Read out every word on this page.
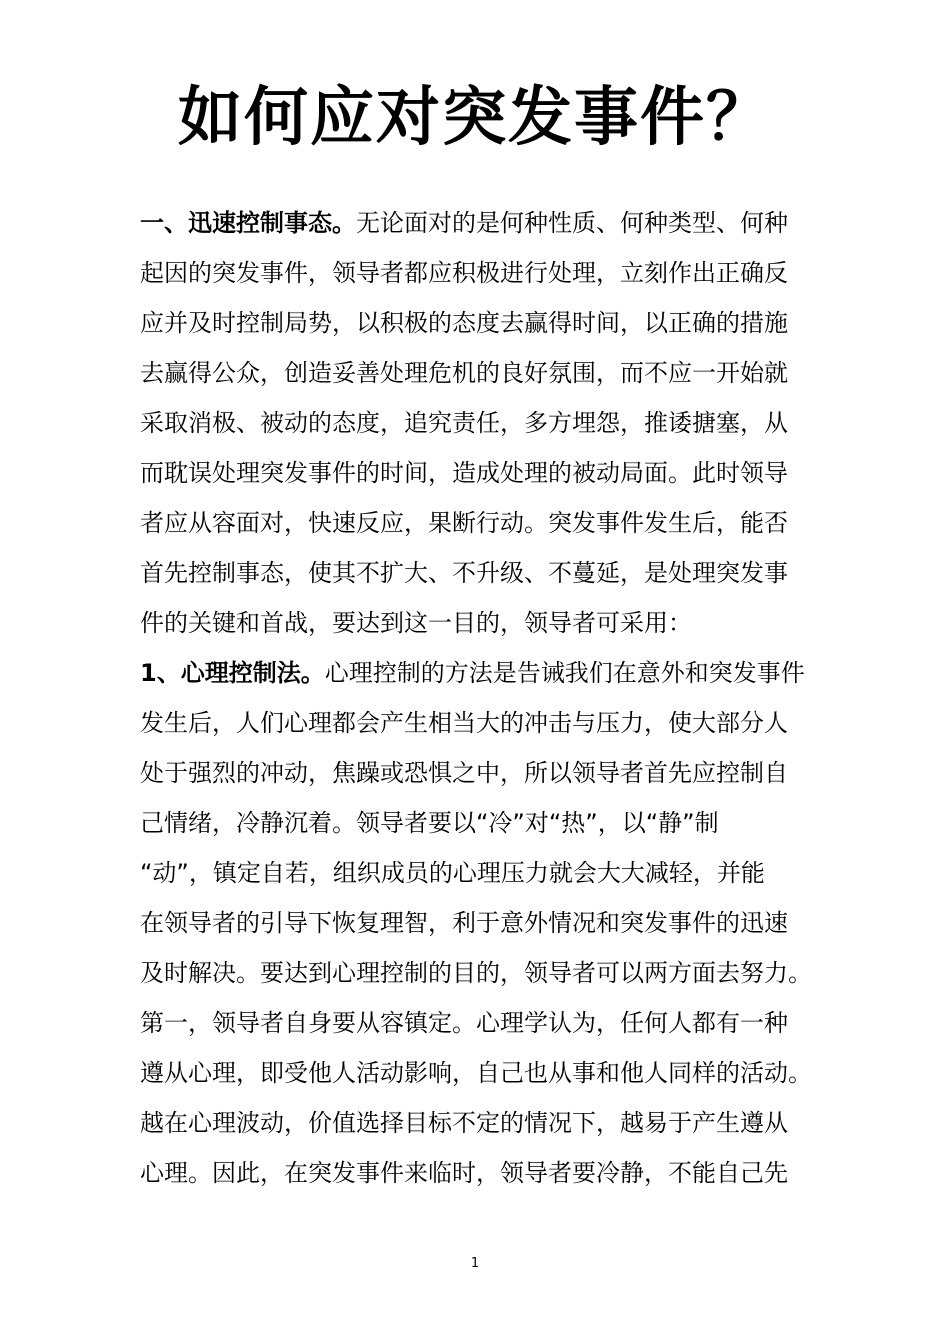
如何应对突发事件？
一、迅速控制事态。无论面对的是何种性质、何种类型、何种
起因的突发事件，领导者都应积极进行处理，立刻作出正确反
应并及时控制局势，以积极的态度去赢得时间，以正确的措施
去赢得公众，创造妥善处理危机的良好氛围，而不应一开始就
采取消极、被动的态度，追究责任，多方埋怨，推诿搪塞，从
而耽误处理突发事件的时间，造成处理的被动局面。此时领导
者应从容面对，快速反应，果断行动。突发事件发生后，能否
首先控制事态，使其不扩大、不升级、不蔓延，是处理突发事
件的关键和首战，要达到这一目的，领导者可采用：
1、心理控制法。心理控制的方法是告诫我们在意外和突发事件
发生后，人们心理都会产生相当大的冲击与压力，使大部分人
处于强烈的冲动，焦躁或恐惧之中，所以领导者首先应控制自
己情绪，冷静沉着。领导者要以“冷”对“热”，以“静”制
“动”，镇定自若，组织成员的心理压力就会大大减轻，并能
在领导者的引导下恢复理智，利于意外情况和突发事件的迅速
及时解决。要达到心理控制的目的，领导者可以两方面去努力。
第一，领导者自身要从容镇定。心理学认为，任何人都有一种
遵从心理，即受他人活动影响，自己也从事和他人同样的活动。
越在心理波动，价值选择目标不定的情况下，越易于产生遵从
心理。因此，在突发事件来临时，领导者要冷静，不能自己先
1
